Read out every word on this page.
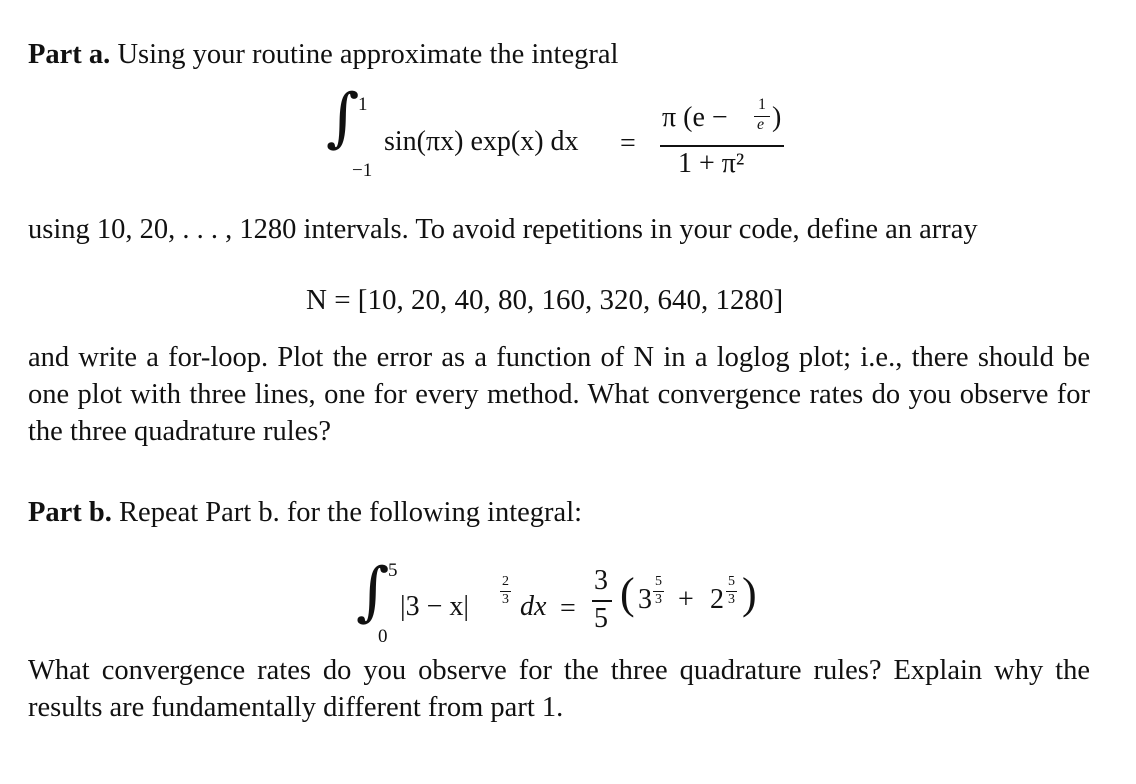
Part a. Using your routine approximate the integral
∫
1
−1
sin(πx) exp(x) dx =
π (e − 1
e )
1 + π²
using 10, 20, . . . , 1280 intervals. To avoid repetitions in your code, define an array
N = [10, 20, 40, 80, 160, 320, 640, 1280]
and write a for-loop. Plot the error as a function of N in a loglog plot; i.e., there should be one plot with three lines, one for every method. What convergence rates do you observe for the three quadrature rules?
Part b. Repeat Part b. for the following integral:
∫
5
0
|3 − x|
2
3 dx =
3
5
( 3
5
3 + 2
5
3 )
What convergence rates do you observe for the three quadrature rules? Explain why the results are fundamentally different from part 1.
